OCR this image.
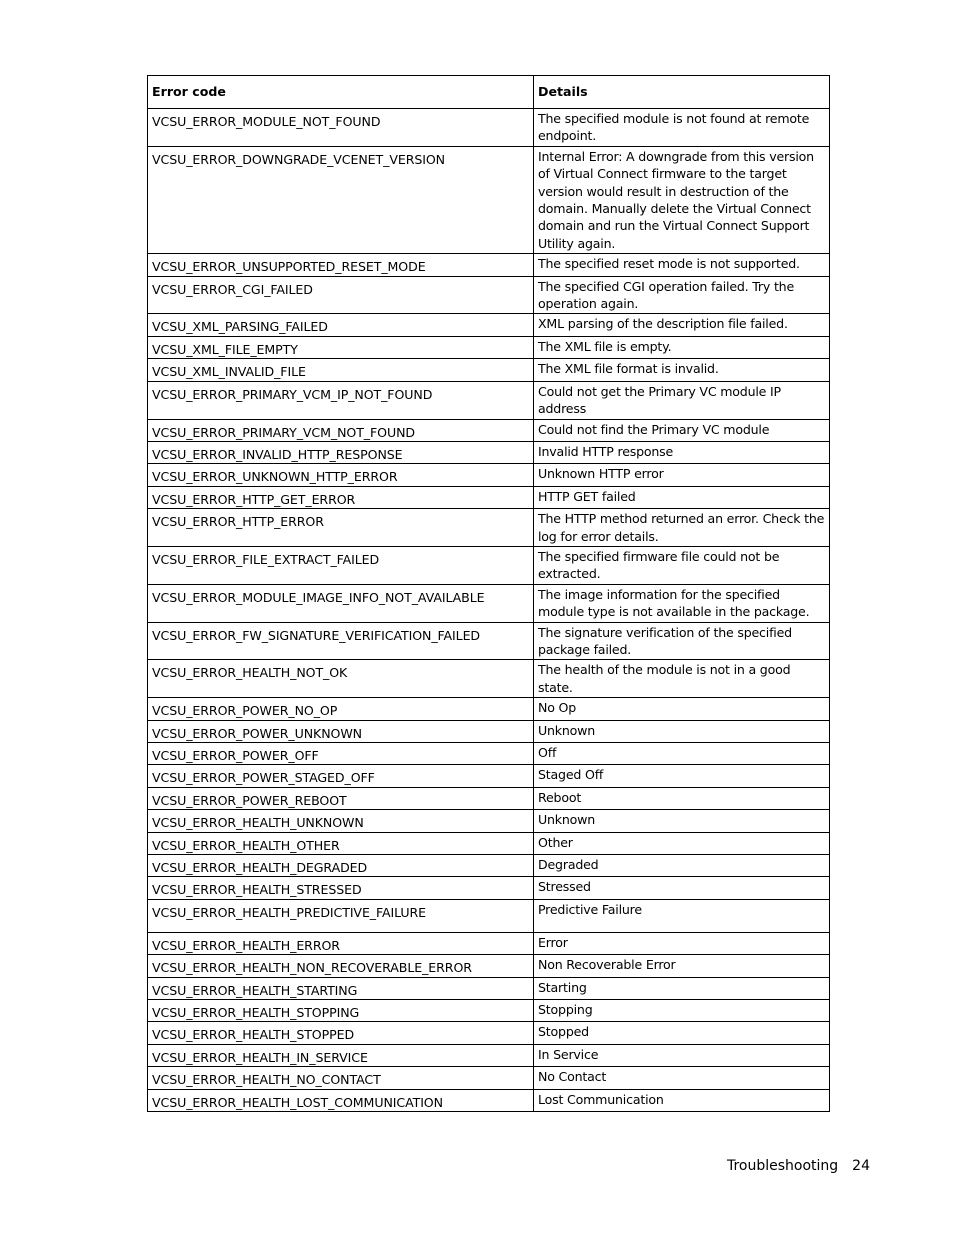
Error code	Details
VCSU_ERROR_MODULE_NOT_FOUND	The specified module is not found at remote endpoint.
VCSU_ERROR_DOWNGRADE_VCENET_VERSION	Internal Error: A downgrade from this version of Virtual Connect firmware to the target version would result in destruction of the domain. Manually delete the Virtual Connect domain and run the Virtual Connect Support Utility again.
VCSU_ERROR_UNSUPPORTED_RESET_MODE	The specified reset mode is not supported.
VCSU_ERROR_CGI_FAILED	The specified CGI operation failed. Try the operation again.
VCSU_XML_PARSING_FAILED	XML parsing of the description file failed.
VCSU_XML_FILE_EMPTY	The XML file is empty.
VCSU_XML_INVALID_FILE	The XML file format is invalid.
VCSU_ERROR_PRIMARY_VCM_IP_NOT_FOUND	Could not get the Primary VC module IP address
VCSU_ERROR_PRIMARY_VCM_NOT_FOUND	Could not find the Primary VC module
VCSU_ERROR_INVALID_HTTP_RESPONSE	Invalid HTTP response
VCSU_ERROR_UNKNOWN_HTTP_ERROR	Unknown HTTP error
VCSU_ERROR_HTTP_GET_ERROR	HTTP GET failed
VCSU_ERROR_HTTP_ERROR	The HTTP method returned an error. Check the log for error details.
VCSU_ERROR_FILE_EXTRACT_FAILED	The specified firmware file could not be extracted.
VCSU_ERROR_MODULE_IMAGE_INFO_NOT_AVAILABLE	The image information for the specified module type is not available in the package.
VCSU_ERROR_FW_SIGNATURE_VERIFICATION_FAILED	The signature verification of the specified package failed.
VCSU_ERROR_HEALTH_NOT_OK	The health of the module is not in a good state.
VCSU_ERROR_POWER_NO_OP	No Op
VCSU_ERROR_POWER_UNKNOWN	Unknown
VCSU_ERROR_POWER_OFF	Off
VCSU_ERROR_POWER_STAGED_OFF	Staged Off
VCSU_ERROR_POWER_REBOOT	Reboot
VCSU_ERROR_HEALTH_UNKNOWN	Unknown
VCSU_ERROR_HEALTH_OTHER	Other
VCSU_ERROR_HEALTH_DEGRADED	Degraded
VCSU_ERROR_HEALTH_STRESSED	Stressed
VCSU_ERROR_HEALTH_PREDICTIVE_FAILURE	Predictive Failure
VCSU_ERROR_HEALTH_ERROR	Error
VCSU_ERROR_HEALTH_NON_RECOVERABLE_ERROR	Non Recoverable Error
VCSU_ERROR_HEALTH_STARTING	Starting
VCSU_ERROR_HEALTH_STOPPING	Stopping
VCSU_ERROR_HEALTH_STOPPED	Stopped
VCSU_ERROR_HEALTH_IN_SERVICE	In Service
VCSU_ERROR_HEALTH_NO_CONTACT	No Contact
VCSU_ERROR_HEALTH_LOST_COMMUNICATION	Lost Communication
Troubleshooting 24
